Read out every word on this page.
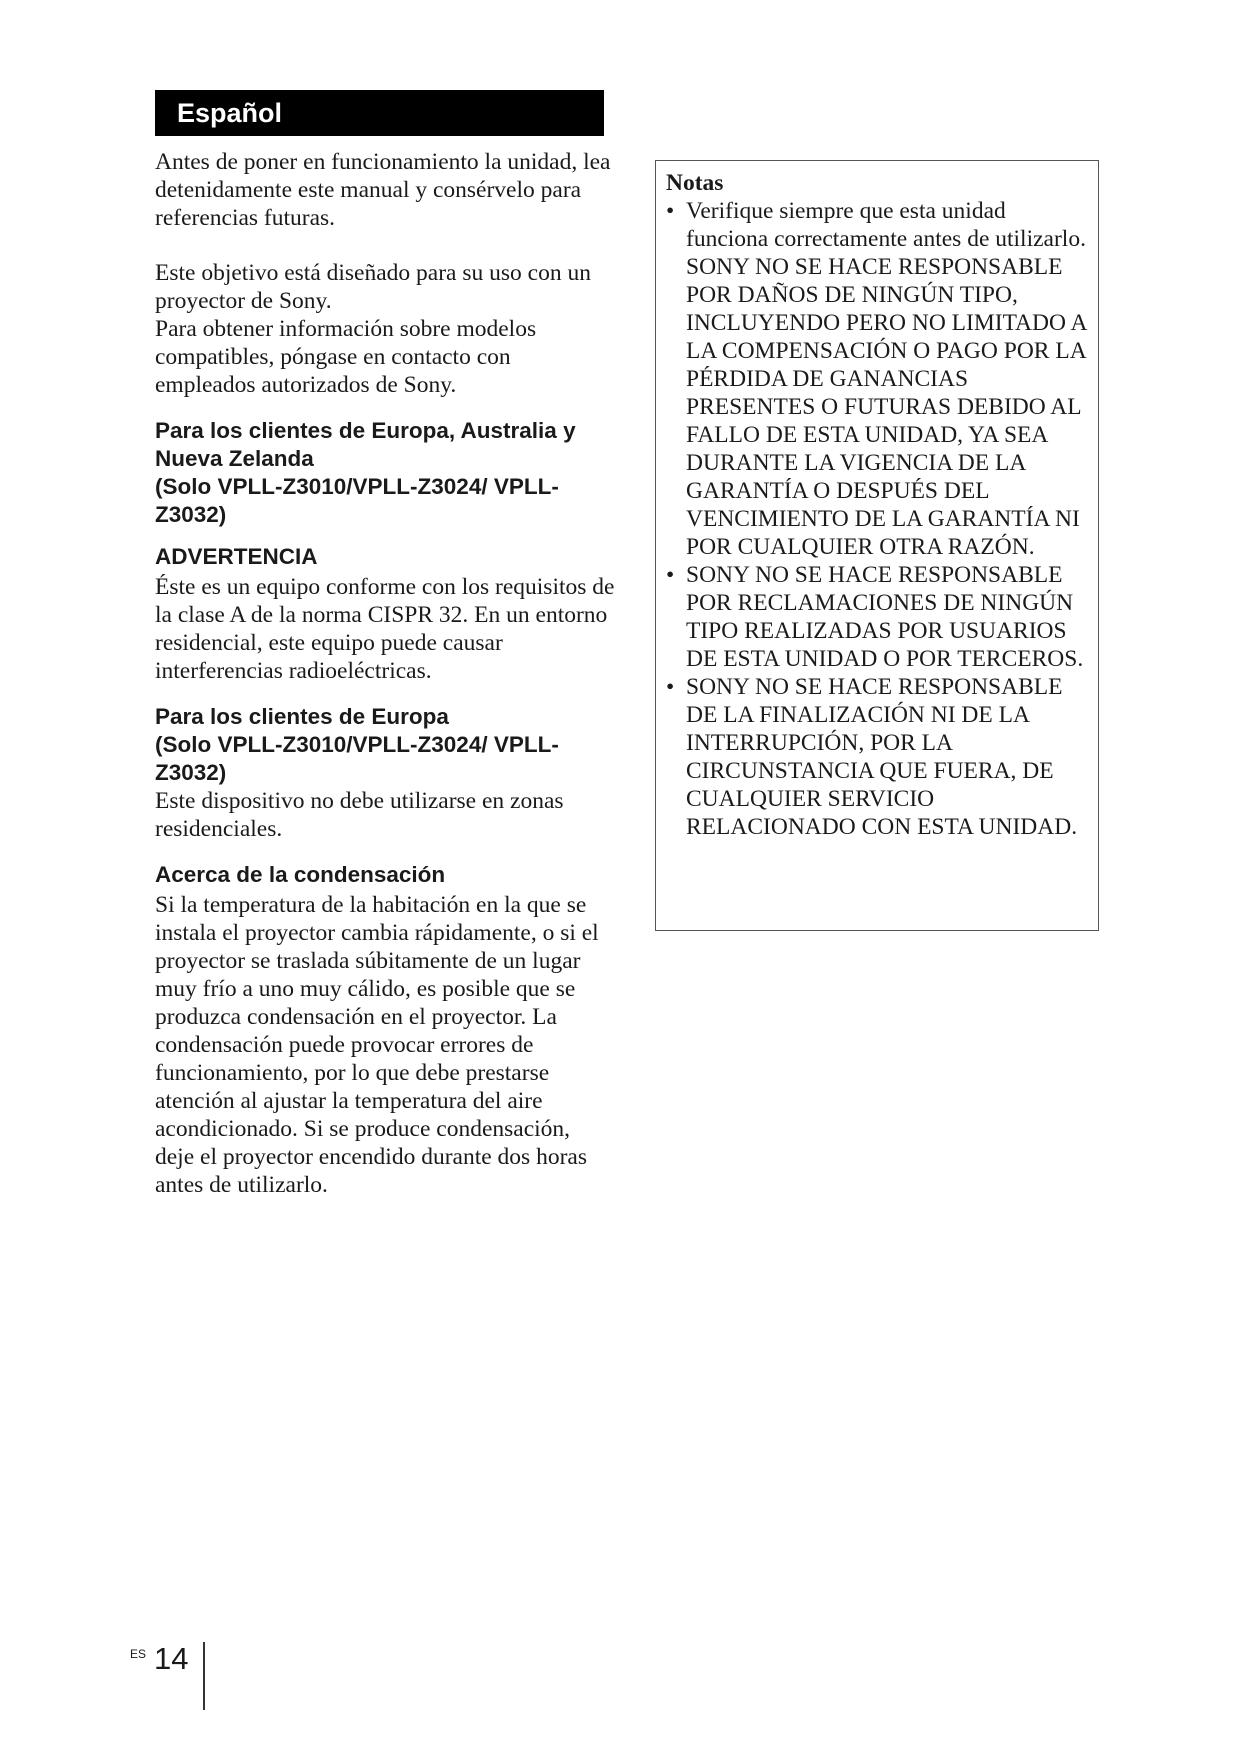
Español

Antes de poner en funcionamiento la unidad, lea detenidamente este manual y consérvelo para referencias futuras.

Este objetivo está diseñado para su uso con un proyector de Sony.

Para obtener información sobre modelos compatibles, póngase en contacto con empleados autorizados de Sony.

Para los clientes de Europa, Australia y Nueva Zelanda

(Solo VPLL-Z3010/VPLL-Z3024/ VPLL-Z3032)

ADVERTENCIA

Éste es un equipo conforme con los requisitos de la clase A de la norma CISPR 32. En un entorno residencial, este equipo puede causar interferencias radioeléctricas.

Para los clientes de Europa

(Solo VPLL-Z3010/VPLL-Z3024/ VPLL-Z3032)

Este dispositivo no debe utilizarse en zonas residenciales.

Acerca de la condensación

Si la temperatura de la habitación en la que se instala el proyector cambia rápidamente, o si el proyector se traslada súbitamente de un lugar muy frío a uno muy cálido, es posible que se produzca condensación en el proyector. La condensación puede provocar errores de funcionamiento, por lo que debe prestarse atención al ajustar la temperatura del aire acondicionado. Si se produce condensación, deje el proyector encendido durante dos horas antes de utilizarlo.

Notas

• Verifique siempre que esta unidad funciona correctamente antes de utilizarlo. SONY NO SE HACE RESPONSABLE POR DAÑOS DE NINGÚN TIPO, INCLUYENDO PERO NO LIMITADO A LA COMPENSACIÓN O PAGO POR LA PÉRDIDA DE GANANCIAS PRESENTES O FUTURAS DEBIDO AL FALLO DE ESTA UNIDAD, YA SEA DURANTE LA VIGENCIA DE LA GARANTÍA O DESPUÉS DEL VENCIMIENTO DE LA GARANTÍA NI POR CUALQUIER OTRA RAZÓN.
• SONY NO SE HACE RESPONSABLE POR RECLAMACIONES DE NINGÚN TIPO REALIZADAS POR USUARIOS DE ESTA UNIDAD O POR TERCEROS.
• SONY NO SE HACE RESPONSABLE DE LA FINALIZACIÓN NI DE LA INTERRUPCIÓN, POR LA CIRCUNSTANCIA QUE FUERA, DE CUALQUIER SERVICIO RELACIONADO CON ESTA UNIDAD.
ES 14
